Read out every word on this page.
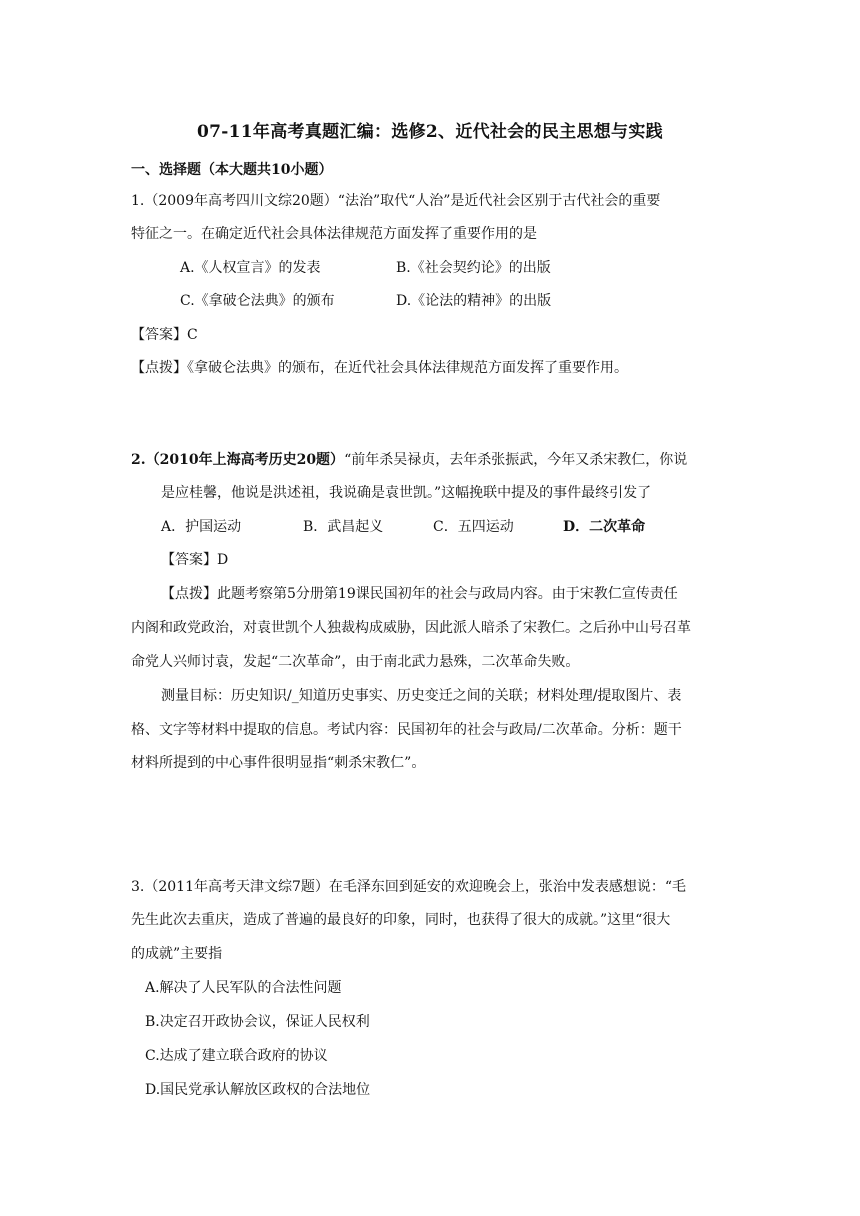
07-11年高考真题汇编：选修2、近代社会的民主思想与实践
一、选择题（本大题共10小题）
1.（2009年高考四川文综20题）“法治”取代“人治”是近代社会区别于古代社会的重要
特征之一。在确定近代社会具体法律规范方面发挥了重要作用的是
A.《人权宣言》的发表	B.《社会契约论》的出版
C.《拿破仑法典》的颁布	D.《论法的精神》的出版
【答案】C
【点拨】《拿破仑法典》的颁布，在近代社会具体法律规范方面发挥了重要作用。
2.（2010年上海高考历史20题）“前年杀吴禄贞，去年杀张振武，今年又杀宋教仁，你说
是应桂馨，他说是洪述祖，我说确是袁世凯。”这幅挽联中提及的事件最终引发了
A．护国运动	B．武昌起义	C．五四运动	D．二次革命
【答案】D
【点拨】此题考察第5分册第19课民国初年的社会与政局内容。由于宋教仁宣传责任
内阁和政党政治，对袁世凯个人独裁构成威胁，因此派人暗杀了宋教仁。之后孙中山号召革
命党人兴师讨袁，发起“二次革命”，由于南北武力悬殊，二次革命失败。
测量目标：历史知识/_知道历史事实、历史变迁之间的关联；材料处理/提取图片、表
格、文字等材料中提取的信息。考试内容：民国初年的社会与政局/二次革命。分析：题干
材料所提到的中心事件很明显指“刺杀宋教仁”。
3.（2011年高考天津文综7题）在毛泽东回到延安的欢迎晚会上，张治中发表感想说：“毛
先生此次去重庆，造成了普遍的最良好的印象，同时，也获得了很大的成就。”这里“很大
的成就”主要指
A.解决了人民军队的合法性问题
B.决定召开政协会议，保证人民权利
C.达成了建立联合政府的协议
D.国民党承认解放区政权的合法地位
